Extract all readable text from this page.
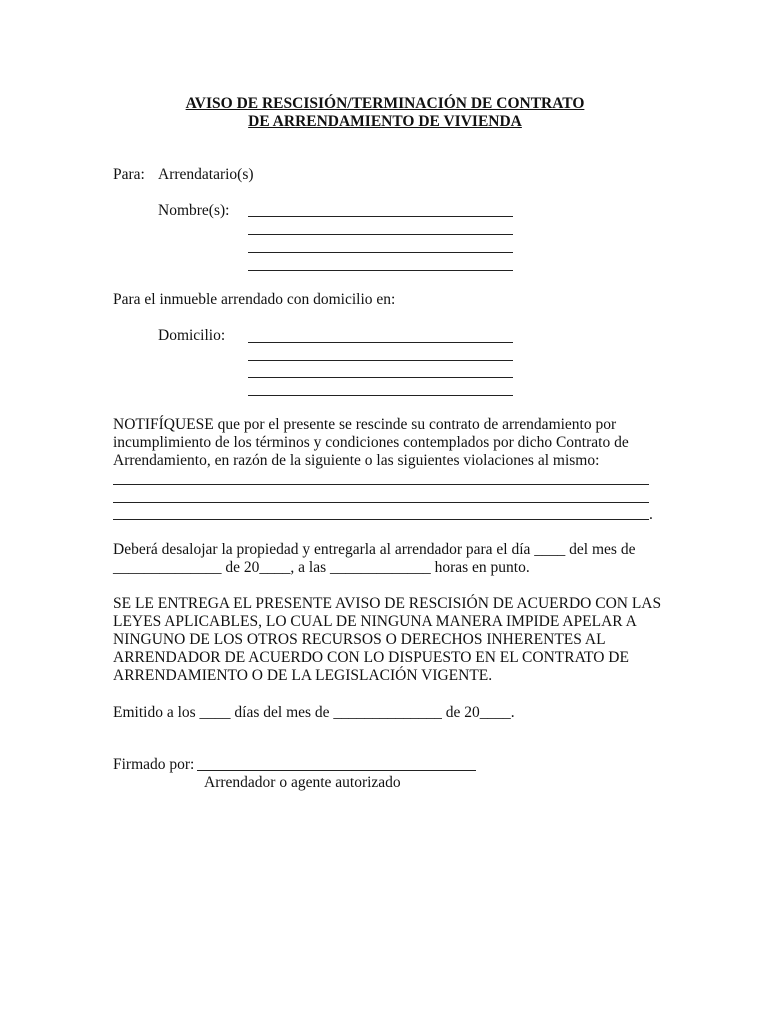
AVISO DE RESCISIÓN/TERMINACIÓN DE CONTRATO
DE ARRENDAMIENTO DE VIVIENDA
Para: Arrendatario(s)
Nombre(s):
Para el inmueble arrendado con domicilio en:
Domicilio:
NOTIFÍQUESE que por el presente se rescinde su contrato de arrendamiento por
incumplimiento de los términos y condiciones contemplados por dicho Contrato de
Arrendamiento, en razón de la siguiente o las siguientes violaciones al mismo:
.
Deberá desalojar la propiedad y entregarla al arrendador para el día ____ del mes de
______________ de 20____, a las _____________ horas en punto.
SE LE ENTREGA EL PRESENTE AVISO DE RESCISIÓN DE ACUERDO CON LAS
LEYES APLICABLES, LO CUAL DE NINGUNA MANERA IMPIDE APELAR A
NINGUNO DE LOS OTROS RECURSOS O DERECHOS INHERENTES AL
ARRENDADOR DE ACUERDO CON LO DISPUESTO EN EL CONTRATO DE
ARRENDAMIENTO O DE LA LEGISLACIÓN VIGENTE.
Emitido a los ____ días del mes de ______________ de 20____.
Firmado por:
Arrendador o agente autorizado
